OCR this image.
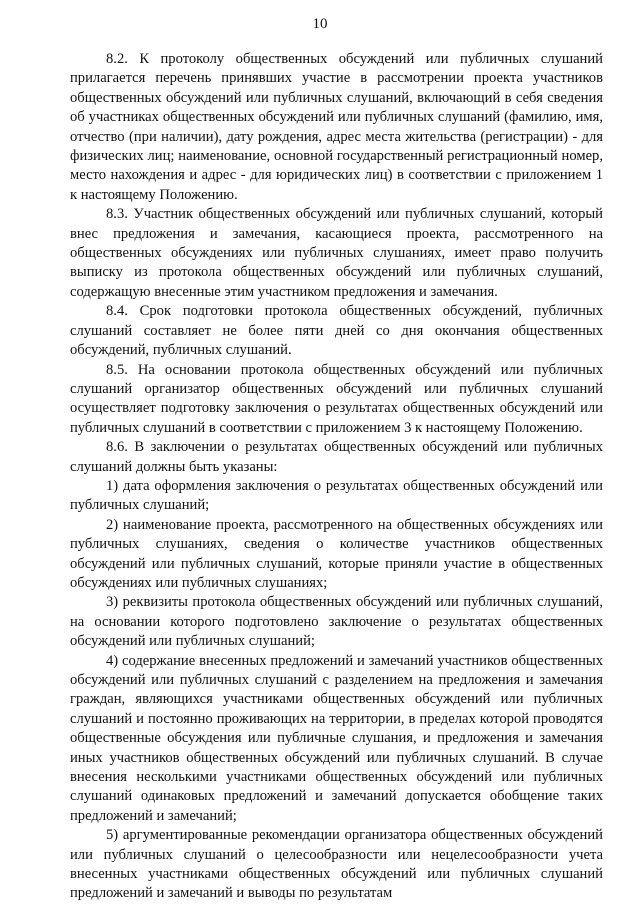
10

8.2. К протоколу общественных обсуждений или публичных слушаний прилагается перечень принявших участие в рассмотрении проекта участников общественных обсуждений или публичных слушаний, включающий в себя сведения об участниках общественных обсуждений или публичных слушаний (фамилию, имя, отчество (при наличии), дату рождения, адрес места жительства (регистрации) - для физических лиц; наименование, основной государственный регистрационный номер, место нахождения и адрес - для юридических лиц) в соответствии с приложением 1 к настоящему Положению.

8.3. Участник общественных обсуждений или публичных слушаний, который внес предложения и замечания, касающиеся проекта, рассмотренного на общественных обсуждениях или публичных слушаниях, имеет право получить выписку из протокола общественных обсуждений или публичных слушаний, содержащую внесенные этим участником предложения и замечания.

8.4. Срок подготовки протокола общественных обсуждений, публичных слушаний составляет не более пяти дней со дня окончания общественных обсуждений, публичных слушаний.

8.5. На основании протокола общественных обсуждений или публичных слушаний организатор общественных обсуждений или публичных слушаний осуществляет подготовку заключения о результатах общественных обсуждений или публичных слушаний в соответствии с приложением 3 к настоящему Положению.

8.6. В заключении о результатах общественных обсуждений или публичных слушаний должны быть указаны:

1) дата оформления заключения о результатах общественных обсуждений или публичных слушаний;

2) наименование проекта, рассмотренного на общественных обсуждениях или публичных слушаниях, сведения о количестве участников общественных обсуждений или публичных слушаний, которые приняли участие в общественных обсуждениях или публичных слушаниях;

3) реквизиты протокола общественных обсуждений или публичных слушаний, на основании которого подготовлено заключение о результатах общественных обсуждений или публичных слушаний;

4) содержание внесенных предложений и замечаний участников общественных обсуждений или публичных слушаний с разделением на предложения и замечания граждан, являющихся участниками общественных обсуждений или публичных слушаний и постоянно проживающих на территории, в пределах которой проводятся общественные обсуждения или публичные слушания, и предложения и замечания иных участников общественных обсуждений или публичных слушаний. В случае внесения несколькими участниками общественных обсуждений или публичных слушаний одинаковых предложений и замечаний допускается обобщение таких предложений и замечаний;

5) аргументированные рекомендации организатора общественных обсуждений или публичных слушаний о целесообразности или нецелесообразности учета внесенных участниками общественных обсуждений или публичных слушаний предложений и замечаний и выводы по результатам
